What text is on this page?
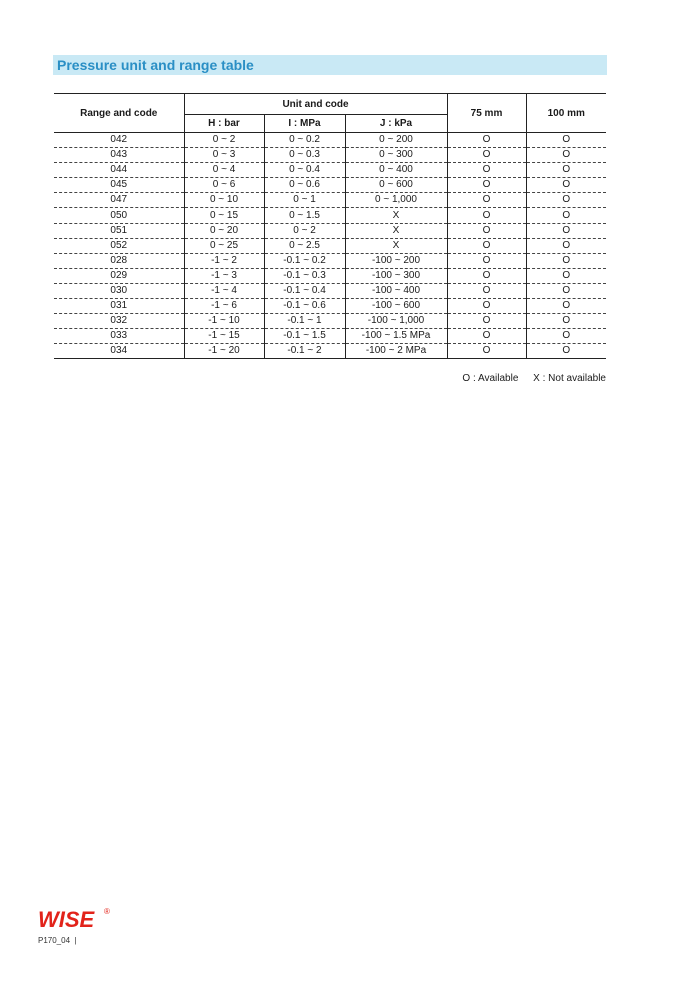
Pressure unit and range table
Range and code	Unit and code			75 mm	100 mm
	H : bar	I : MPa	J : kPa		
042	0 ~ 2	0 ~ 0.2	0 ~ 200	O	O
043	0 ~ 3	0 ~ 0.3	0 ~ 300	O	O
044	0 ~ 4	0 ~ 0.4	0 ~ 400	O	O
045	0 ~ 6	0 ~ 0.6	0 ~ 600	O	O
047	0 ~ 10	0 ~ 1	0 ~ 1,000	O	O
050	0 ~ 15	0 ~ 1.5	X	O	O
051	0 ~ 20	0 ~ 2	X	O	O
052	0 ~ 25	0 ~ 2.5	X	O	O
028	-1 ~ 2	-0.1 ~ 0.2	-100 ~ 200	O	O
029	-1 ~ 3	-0.1 ~ 0.3	-100 ~ 300	O	O
030	-1 ~ 4	-0.1 ~ 0.4	-100 ~ 400	O	O
031	-1 ~ 6	-0.1 ~ 0.6	-100 ~ 600	O	O
032	-1 ~ 10	-0.1 ~ 1	-100 ~ 1,000	O	O
033	-1 ~ 15	-0.1 ~ 1.5	-100 ~ 1.5 MPa	O	O
034	-1 ~ 20	-0.1 ~ 2	-100 ~ 2 MPa	O	O
O : Available X : Not available
WISE ®
P170_04  |
